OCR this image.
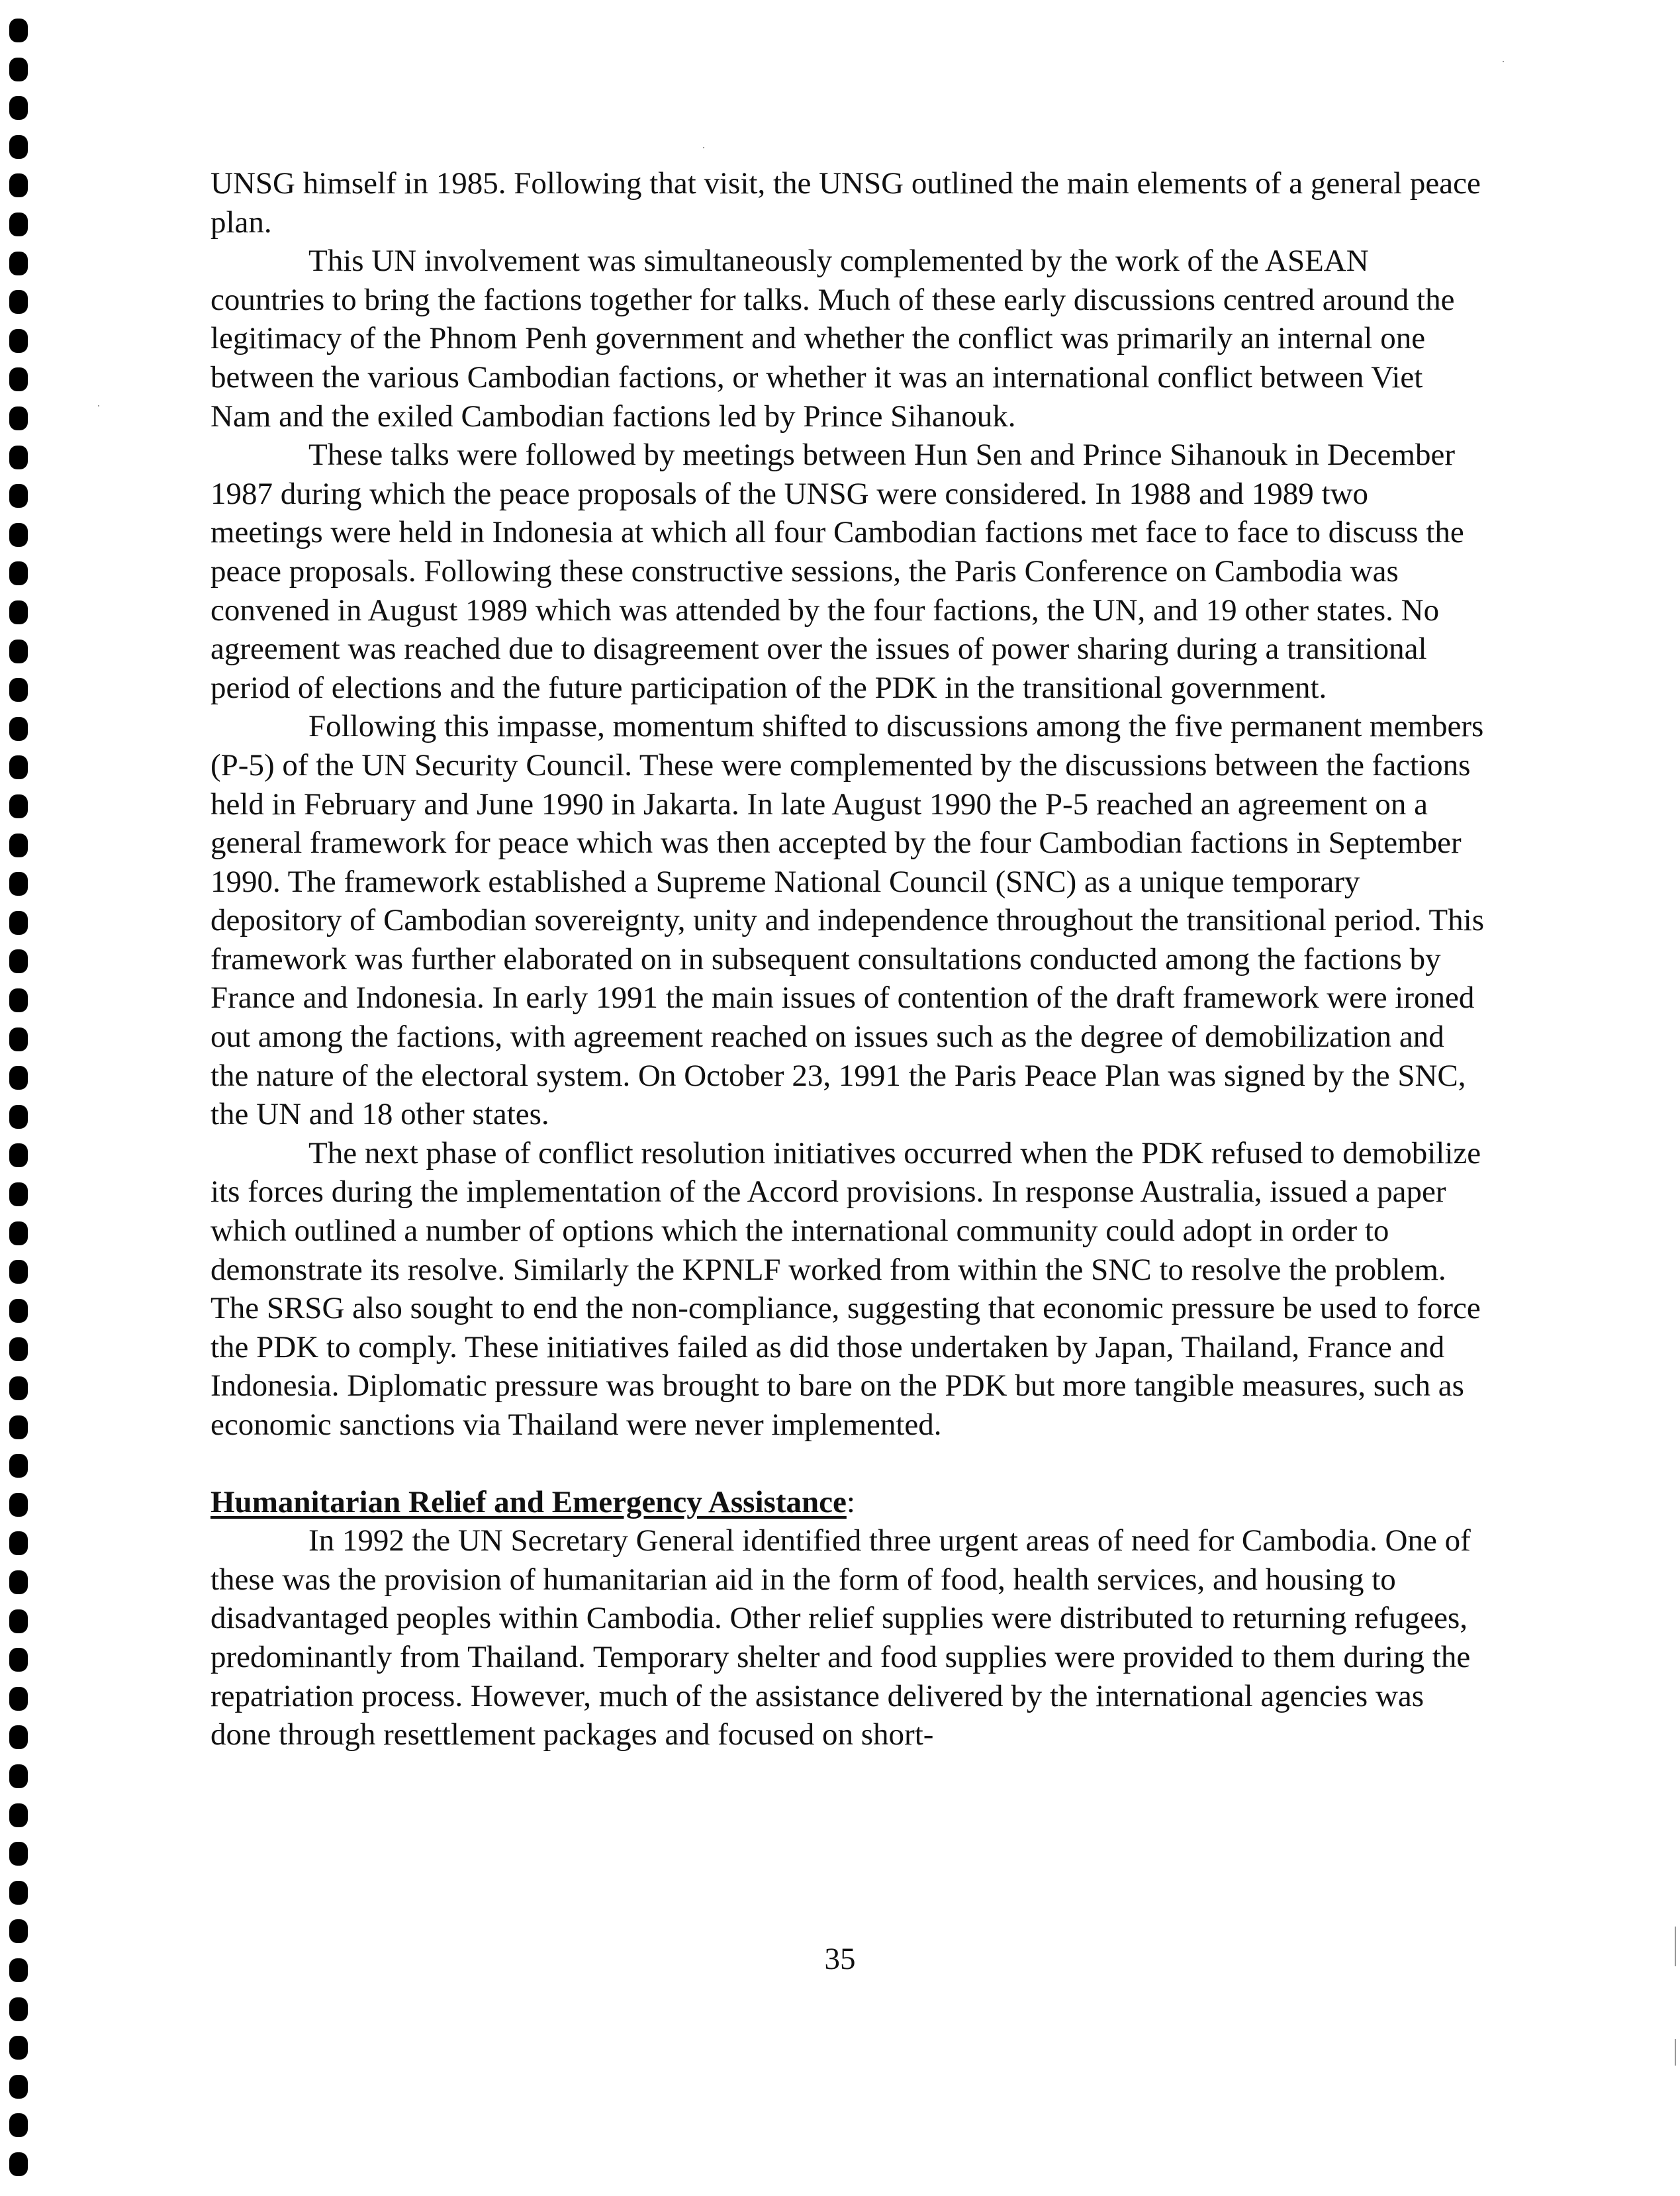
UNSG himself in 1985. Following that visit, the UNSG outlined the main elements of a general peace plan.

This UN involvement was simultaneously complemented by the work of the ASEAN countries to bring the factions together for talks. Much of these early discussions centred around the legitimacy of the Phnom Penh government and whether the conflict was primarily an internal one between the various Cambodian factions, or whether it was an international conflict between Viet Nam and the exiled Cambodian factions led by Prince Sihanouk.

These talks were followed by meetings between Hun Sen and Prince Sihanouk in December 1987 during which the peace proposals of the UNSG were considered. In 1988 and 1989 two meetings were held in Indonesia at which all four Cambodian factions met face to face to discuss the peace proposals. Following these constructive sessions, the Paris Conference on Cambodia was convened in August 1989 which was attended by the four factions, the UN, and 19 other states. No agreement was reached due to disagreement over the issues of power sharing during a transitional period of elections and the future participation of the PDK in the transitional government.

Following this impasse, momentum shifted to discussions among the five permanent members (P-5) of the UN Security Council. These were complemented by the discussions between the factions held in February and June 1990 in Jakarta. In late August 1990 the P-5 reached an agreement on a general framework for peace which was then accepted by the four Cambodian factions in September 1990. The framework established a Supreme National Council (SNC) as a unique temporary depository of Cambodian sovereignty, unity and independence throughout the transitional period. This framework was further elaborated on in subsequent consultations conducted among the factions by France and Indonesia. In early 1991 the main issues of contention of the draft framework were ironed out among the factions, with agreement reached on issues such as the degree of demobilization and the nature of the electoral system. On October 23, 1991 the Paris Peace Plan was signed by the SNC, the UN and 18 other states.

The next phase of conflict resolution initiatives occurred when the PDK refused to demobilize its forces during the implementation of the Accord provisions. In response Australia, issued a paper which outlined a number of options which the international community could adopt in order to demonstrate its resolve. Similarly the KPNLF worked from within the SNC to resolve the problem. The SRSG also sought to end the non-compliance, suggesting that economic pressure be used to force the PDK to comply. These initiatives failed as did those undertaken by Japan, Thailand, France and Indonesia. Diplomatic pressure was brought to bare on the PDK but more tangible measures, such as economic sanctions via Thailand were never implemented.

Humanitarian Relief and Emergency Assistance:

In 1992 the UN Secretary General identified three urgent areas of need for Cambodia. One of these was the provision of humanitarian aid in the form of food, health services, and housing to disadvantaged peoples within Cambodia. Other relief supplies were distributed to returning refugees, predominantly from Thailand. Temporary shelter and food supplies were provided to them during the repatriation process. However, much of the assistance delivered by the international agencies was done through resettlement packages and focused on short-

35
